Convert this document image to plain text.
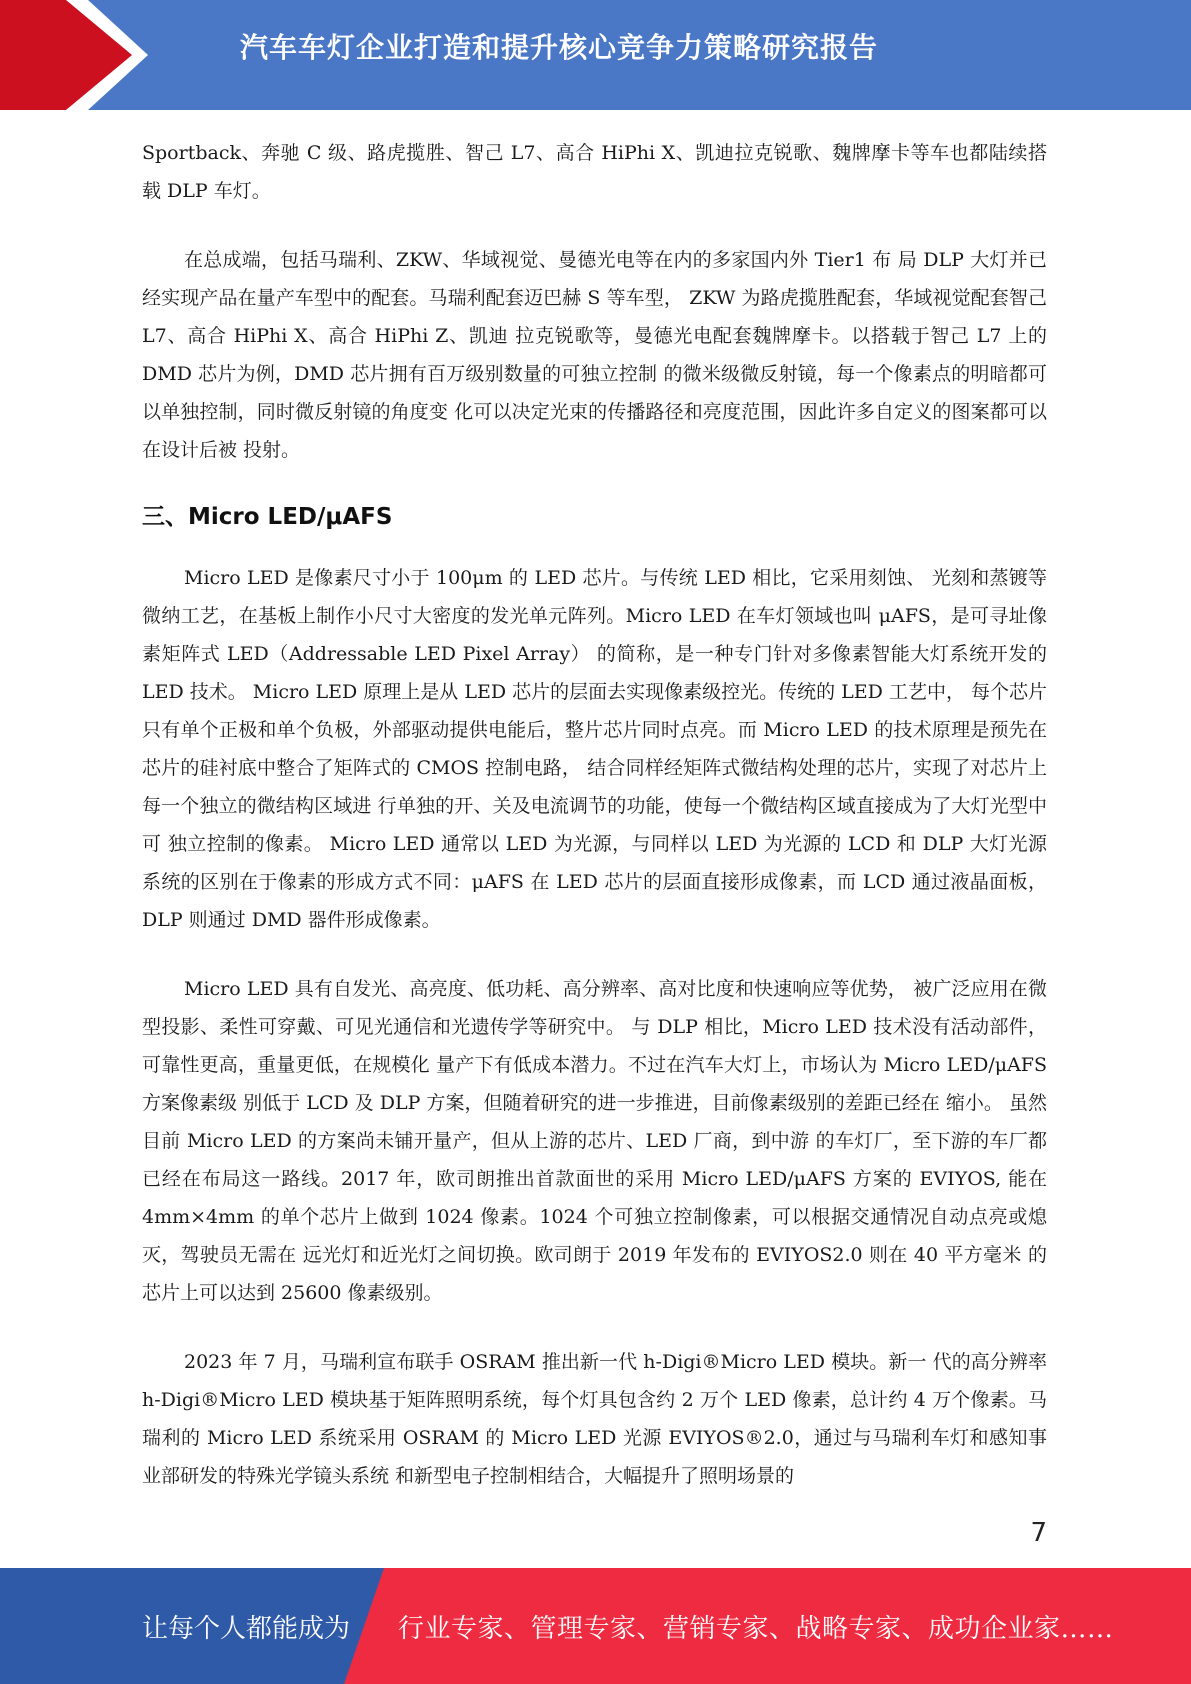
汽车车灯企业打造和提升核心竞争力策略研究报告

Sportback、奔驰 C 级、路虎揽胜、智己 L7、高合 HiPhi X、凯迪拉克锐歌、魏牌摩卡等车也都陆续搭 载 DLP 车灯。

在总成端，包括马瑞利、ZKW、华域视觉、曼德光电等在内的多家国内外 Tier1 布 局 DLP 大灯并已经实现产品在量产车型中的配套。马瑞利配套迈巴赫 S 等车型， ZKW 为路虎揽胜配套，华域视觉配套智己 L7、高合 HiPhi X、高合 HiPhi Z、凯迪 拉克锐歌等，曼德光电配套魏牌摩卡。以搭载于智己 L7 上的 DMD 芯片为例，DMD 芯片拥有百万级别数量的可独立控制 的微米级微反射镜，每一个像素点的明暗都可以单独控制，同时微反射镜的角度变 化可以决定光束的传播路径和亮度范围，因此许多自定义的图案都可以在设计后被 投射。

三、Micro LED/μAFS

Micro LED 是像素尺寸小于 100μm 的 LED 芯片。与传统 LED 相比，它采用刻蚀、 光刻和蒸镀等微纳工艺，在基板上制作小尺寸大密度的发光单元阵列。Micro LED 在车灯领域也叫 μAFS，是可寻址像素矩阵式 LED（Addressable LED Pixel Array） 的简称，是一种专门针对多像素智能大灯系统开发的 LED 技术。 Micro LED 原理上是从 LED 芯片的层面去实现像素级控光。传统的 LED 工艺中， 每个芯片只有单个正极和单个负极，外部驱动提供电能后，整片芯片同时点亮。而 Micro LED 的技术原理是预先在芯片的硅衬底中整合了矩阵式的 CMOS 控制电路， 结合同样经矩阵式微结构处理的芯片，实现了对芯片上每一个独立的微结构区域进 行单独的开、关及电流调节的功能，使每一个微结构区域直接成为了大灯光型中可 独立控制的像素。 Micro LED 通常以 LED 为光源，与同样以 LED 为光源的 LCD 和 DLP 大灯光源 系统的区别在于像素的形成方式不同：μAFS 在 LED 芯片的层面直接形成像素，而 LCD 通过液晶面板，DLP 则通过 DMD 器件形成像素。

Micro LED 具有自发光、高亮度、低功耗、高分辨率、高对比度和快速响应等优势， 被广泛应用在微型投影、柔性可穿戴、可见光通信和光遗传学等研究中。 与 DLP 相比，Micro LED 技术没有活动部件，可靠性更高，重量更低，在规模化 量产下有低成本潜力。不过在汽车大灯上，市场认为 Micro LED/μAFS 方案像素级 别低于 LCD 及 DLP 方案，但随着研究的进一步推进，目前像素级别的差距已经在 缩小。 虽然目前 Micro LED 的方案尚未铺开量产，但从上游的芯片、LED 厂商，到中游 的车灯厂，至下游的车厂都已经在布局这一路线。2017 年，欧司朗推出首款面世的采用 Micro LED/μAFS 方案的 EVIYOS, 能在 4mm×4mm 的单个芯片上做到 1024 像素。1024 个可独立控制像素，可以根据交通情况自动点亮或熄灭，驾驶员无需在 远光灯和近光灯之间切换。欧司朗于 2019 年发布的 EVIYOS2.0 则在 40 平方毫米 的芯片上可以达到 25600 像素级别。

2023 年 7 月，马瑞利宣布联手 OSRAM 推出新一代 h-Digi®Micro LED 模块。新一 代的高分辨率 h-Digi®Micro LED 模块基于矩阵照明系统，每个灯具包含约 2 万个 LED 像素，总计约 4 万个像素。马瑞利的 Micro LED 系统采用 OSRAM 的 Micro LED 光源 EVIYOS®2.0，通过与马瑞利车灯和感知事业部研发的特殊光学镜头系统 和新型电子控制相结合，大幅提升了照明场景的

7
让每个人都能成为 行业专家、管理专家、营销专家、战略专家、成功企业家……
